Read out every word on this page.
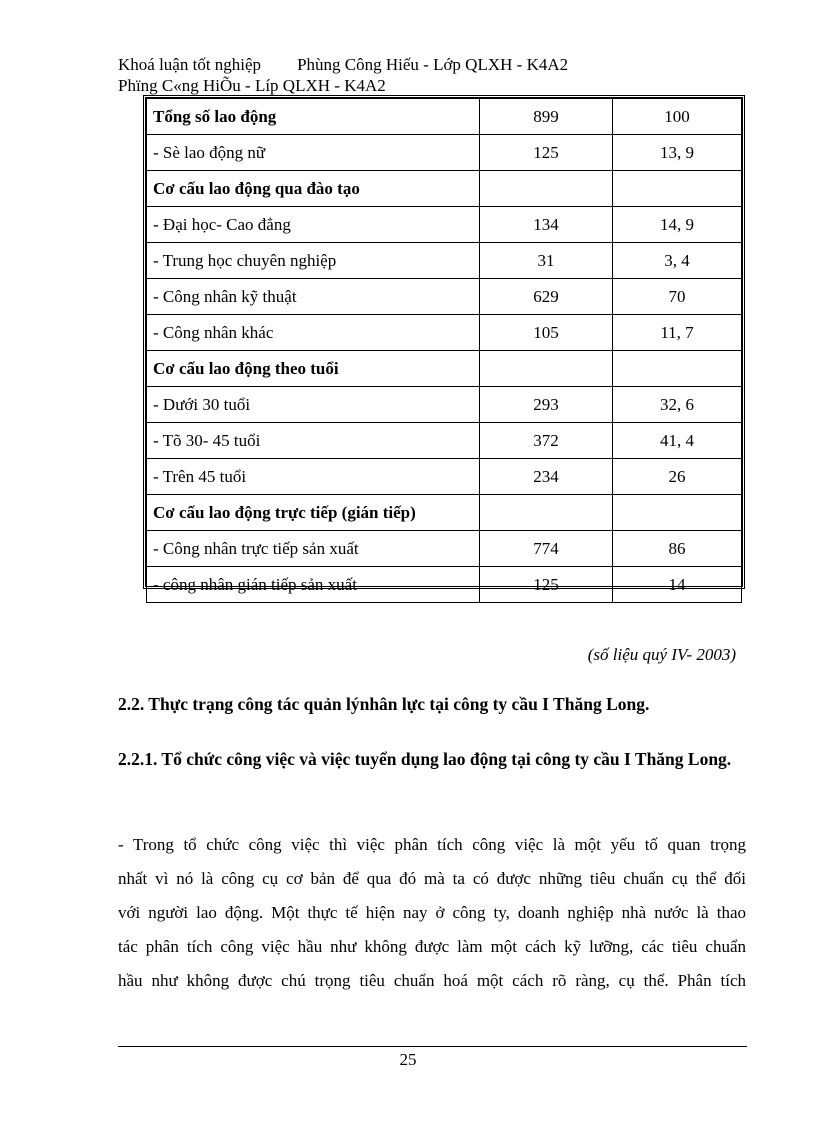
Khoá luận tốt nghiệp Phùng Công Hiếu - Lớp QLXH - K4A2
Phïng C«ng HiÕu - Líp QLXH - K4A2
Tổng số lao động	899	100
- Sè lao động nữ	125	13, 9
Cơ cấu lao động qua đào tạo		
- Đại học- Cao đẳng	134	14, 9
- Trung học chuyên nghiệp	31	3, 4
- Công nhân kỹ thuật	629	70
- Công nhân khác	105	11, 7
Cơ cấu lao động theo tuổi		
- Dưới 30 tuổi	293	32, 6
- Tõ 30- 45 tuổi	372	41, 4
- Trên 45 tuổi	234	26
Cơ cấu lao động trực tiếp (gián tiếp)		
- Công nhân trực tiếp sản xuất	774	86
- công nhân gián tiếp sản xuất	125	14
(số liệu quý IV- 2003)
2.2. Thực trạng công tác quản lýnhân lực tại công ty cầu I Thăng Long.
2.2.1. Tổ chức công việc và việc tuyển dụng lao động tại công ty cầu I Thăng Long.
- Trong tổ chức công việc thì việc phân tích công việc là một yếu tố quan trọng
nhất vì nó là công cụ cơ bản để qua đó mà ta có được những tiêu chuẩn cụ thể đối
với người lao động. Một thực tế hiện nay ở công ty, doanh nghiệp nhà nước là thao
tác phân tích công việc hầu như không được làm một cách kỹ lưỡng, các tiêu chuẩn
hầu như không được chú trọng tiêu chuẩn hoá một cách rõ ràng, cụ thể. Phân tích
25
